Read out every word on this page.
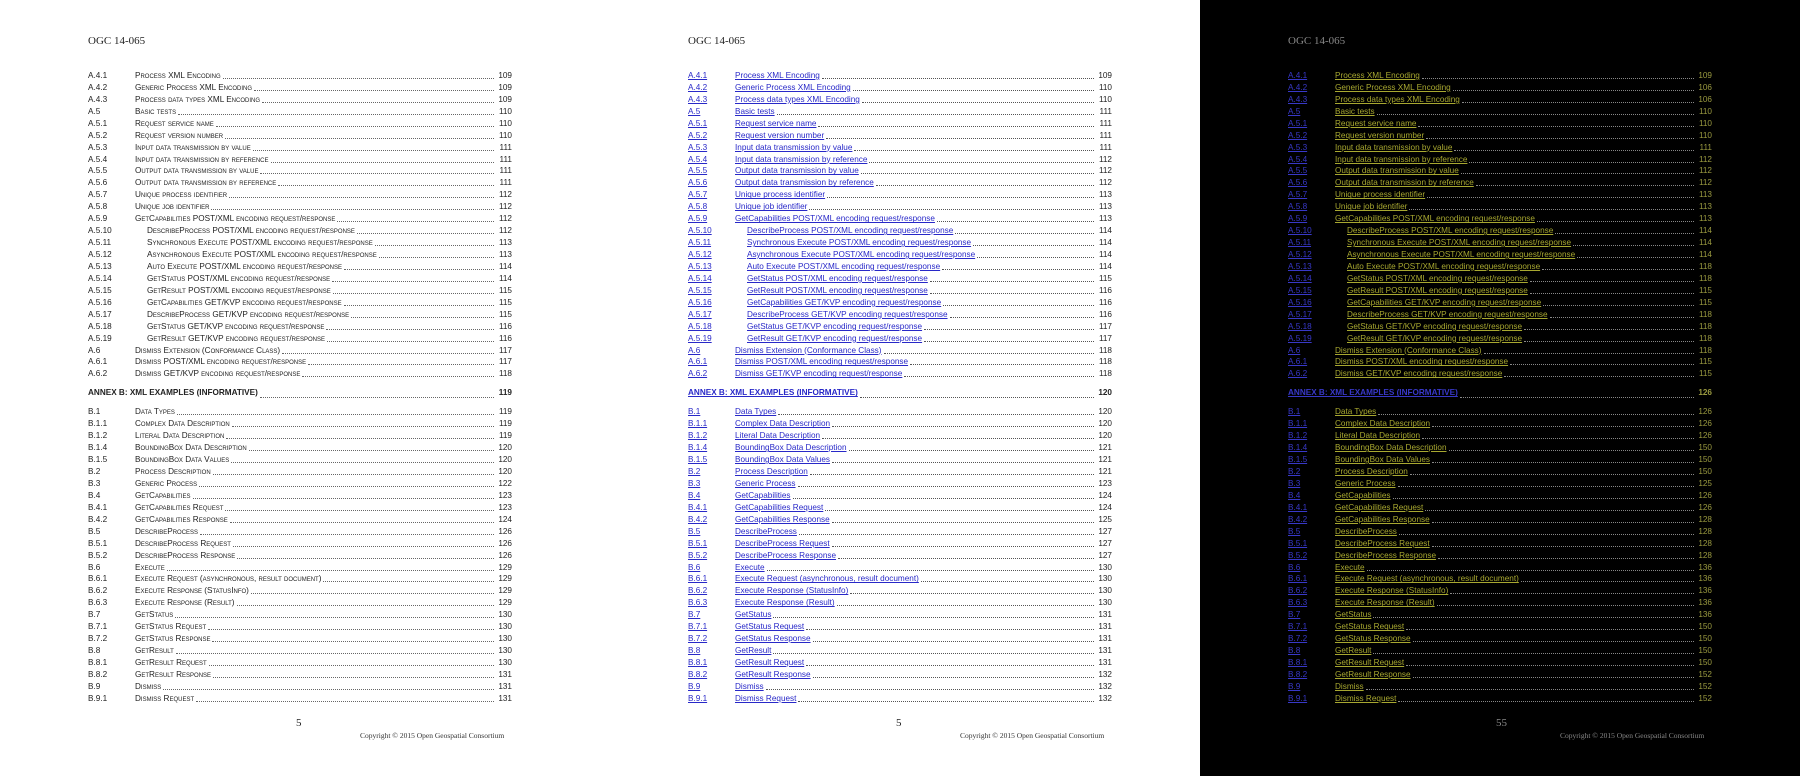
OGC 14-065
A.4.1	Process XML Encoding	109
A.4.2	Generic Process XML Encoding	109
A.4.3	Process data types XML Encoding	109
A.5	Basic tests	110
A.5.1	Request service name	110
A.5.2	Request version number	110
A.5.3	Input data transmission by value	111
A.5.4	Input data transmission by reference	111
A.5.5	Output data transmission by value	111
A.5.6	Output data transmission by reference	111
A.5.7	Unique process identifier	112
A.5.8	Unique job identifier	112
A.5.9	GetCapabilities POST/XML encoding request/response	112
A.5.10	DescribeProcess POST/XML encoding request/response	112
A.5.11	Synchronous Execute POST/XML encoding request/response	113
A.5.12	Asynchronous Execute POST/XML encoding request/response	113
A.5.13	Auto Execute POST/XML encoding request/response	114
A.5.14	GetStatus POST/XML encoding request/response	114
A.5.15	GetResult POST/XML encoding request/response	115
A.5.16	GetCapabilities GET/KVP encoding request/response	115
A.5.17	DescribeProcess GET/KVP encoding request/response	115
A.5.18	GetStatus GET/KVP encoding request/response	116
A.5.19	GetResult GET/KVP encoding request/response	116
A.6	Dismiss Extension (Conformance Class)	117
A.6.1	Dismiss POST/XML encoding request/response	117
A.6.2	Dismiss GET/KVP encoding request/response	118
ANNEX B: XML EXAMPLES (INFORMATIVE)	119
B.1	Data Types	119
B.1.1	Complex Data Description	119
B.1.2	Literal Data Description	119
B.1.4	BoundingBox Data Description	120
B.1.5	BoundingBox Data Values	120
B.2	Process Description	120
B.3	Generic Process	122
B.4	GetCapabilities	123
B.4.1	GetCapabilities Request	123
B.4.2	GetCapabilities Response	124
B.5	DescribeProcess	126
B.5.1	DescribeProcess Request	126
B.5.2	DescribeProcess Response	126
B.6	Execute	129
B.6.1	Execute Request (asynchronous, result document)	129
B.6.2	Execute Response (StatusInfo)	129
B.6.3	Execute Response (Result)	129
B.7	GetStatus	130
B.7.1	GetStatus Request	130
B.7.2	GetStatus Response	130
B.8	GetResult	130
B.8.1	GetResult Request	130
B.8.2	GetResult Response	131
B.9	Dismiss	131
B.9.1	Dismiss Request	131
5
Copyright © 2015 Open Geospatial Consortium
OGC 14-065
A.4.1	Process XML Encoding	109
A.4.2	Generic Process XML Encoding	110
A.4.3	Process data types XML Encoding	110
A.5	Basic tests	111
A.5.1	Request service name	111
A.5.2	Request version number	111
A.5.3	Input data transmission by value	111
A.5.4	Input data transmission by reference	112
A.5.5	Output data transmission by value	112
A.5.6	Output data transmission by reference	112
A.5.7	Unique process identifier	113
A.5.8	Unique job identifier	113
A.5.9	GetCapabilities POST/XML encoding request/response	113
A.5.10	DescribeProcess POST/XML encoding request/response	114
A.5.11	Synchronous Execute POST/XML encoding request/response	114
A.5.12	Asynchronous Execute POST/XML encoding request/response	114
A.5.13	Auto Execute POST/XML encoding request/response	114
A.5.14	GetStatus POST/XML encoding request/response	115
A.5.15	GetResult POST/XML encoding request/response	116
A.5.16	GetCapabilities GET/KVP encoding request/response	116
A.5.17	DescribeProcess GET/KVP encoding request/response	116
A.5.18	GetStatus GET/KVP encoding request/response	117
A.5.19	GetResult GET/KVP encoding request/response	117
A.6	Dismiss Extension (Conformance Class)	118
A.6.1	Dismiss POST/XML encoding request/response	118
A.6.2	Dismiss GET/KVP encoding request/response	118
ANNEX B: XML EXAMPLES (INFORMATIVE)	120
B.1	Data Types	120
B.1.1	Complex Data Description	120
B.1.2	Literal Data Description	120
B.1.4	BoundingBox Data Description	121
B.1.5	BoundingBox Data Values	121
B.2	Process Description	121
B.3	Generic Process	123
B.4	GetCapabilities	124
B.4.1	GetCapabilities Request	124
B.4.2	GetCapabilities Response	125
B.5	DescribeProcess	127
B.5.1	DescribeProcess Request	127
B.5.2	DescribeProcess Response	127
B.6	Execute	130
B.6.1	Execute Request (asynchronous, result document)	130
B.6.2	Execute Response (StatusInfo)	130
B.6.3	Execute Response (Result)	130
B.7	GetStatus	131
B.7.1	GetStatus Request	131
B.7.2	GetStatus Response	131
B.8	GetResult	131
B.8.1	GetResult Request	131
B.8.2	GetResult Response	132
B.9	Dismiss	132
B.9.1	Dismiss Request	132
5
Copyright © 2015 Open Geospatial Consortium
OGC 14-065
A.4.1	Process XML Encoding	109
A.4.2	Generic Process XML Encoding	106
A.4.3	Process data types XML Encoding	106
A.5	Basic tests	110
A.5.1	Request service name	110
A.5.2	Request version number	110
A.5.3	Input data transmission by value	111
A.5.4	Input data transmission by reference	112
A.5.5	Output data transmission by value	112
A.5.6	Output data transmission by reference	112
A.5.7	Unique process identifier	113
A.5.8	Unique job identifier	113
A.5.9	GetCapabilities POST/XML encoding request/response	113
A.5.10	DescribeProcess POST/XML encoding request/response	114
A.5.11	Synchronous Execute POST/XML encoding request/response	114
A.5.12	Asynchronous Execute POST/XML encoding request/response	114
A.5.13	Auto Execute POST/XML encoding request/response	118
A.5.14	GetStatus POST/XML encoding request/response	118
A.5.15	GetResult POST/XML encoding request/response	115
A.5.16	GetCapabilities GET/KVP encoding request/response	115
A.5.17	DescribeProcess GET/KVP encoding request/response	118
A.5.18	GetStatus GET/KVP encoding request/response	118
A.5.19	GetResult GET/KVP encoding request/response	118
A.6	Dismiss Extension (Conformance Class)	118
A.6.1	Dismiss POST/XML encoding request/response	115
A.6.2	Dismiss GET/KVP encoding request/response	115
ANNEX B: XML EXAMPLES (INFORMATIVE)	126
B.1	Data Types	126
B.1.1	Complex Data Description	126
B.1.2	Literal Data Description	126
B.1.4	BoundingBox Data Description	150
B.1.5	BoundingBox Data Values	150
B.2	Process Description	150
B.3	Generic Process	125
B.4	GetCapabilities	126
B.4.1	GetCapabilities Request	126
B.4.2	GetCapabilities Response	128
B.5	DescribeProcess	128
B.5.1	DescribeProcess Request	128
B.5.2	DescribeProcess Response	128
B.6	Execute	136
B.6.1	Execute Request (asynchronous, result document)	136
B.6.2	Execute Response (StatusInfo)	136
B.6.3	Execute Response (Result)	136
B.7	GetStatus	136
B.7.1	GetStatus Request	150
B.7.2	GetStatus Response	150
B.8	GetResult	150
B.8.1	GetResult Request	150
B.8.2	GetResult Response	152
B.9	Dismiss	152
B.9.1	Dismiss Request	152
55
Copyright © 2015 Open Geospatial Consortium
